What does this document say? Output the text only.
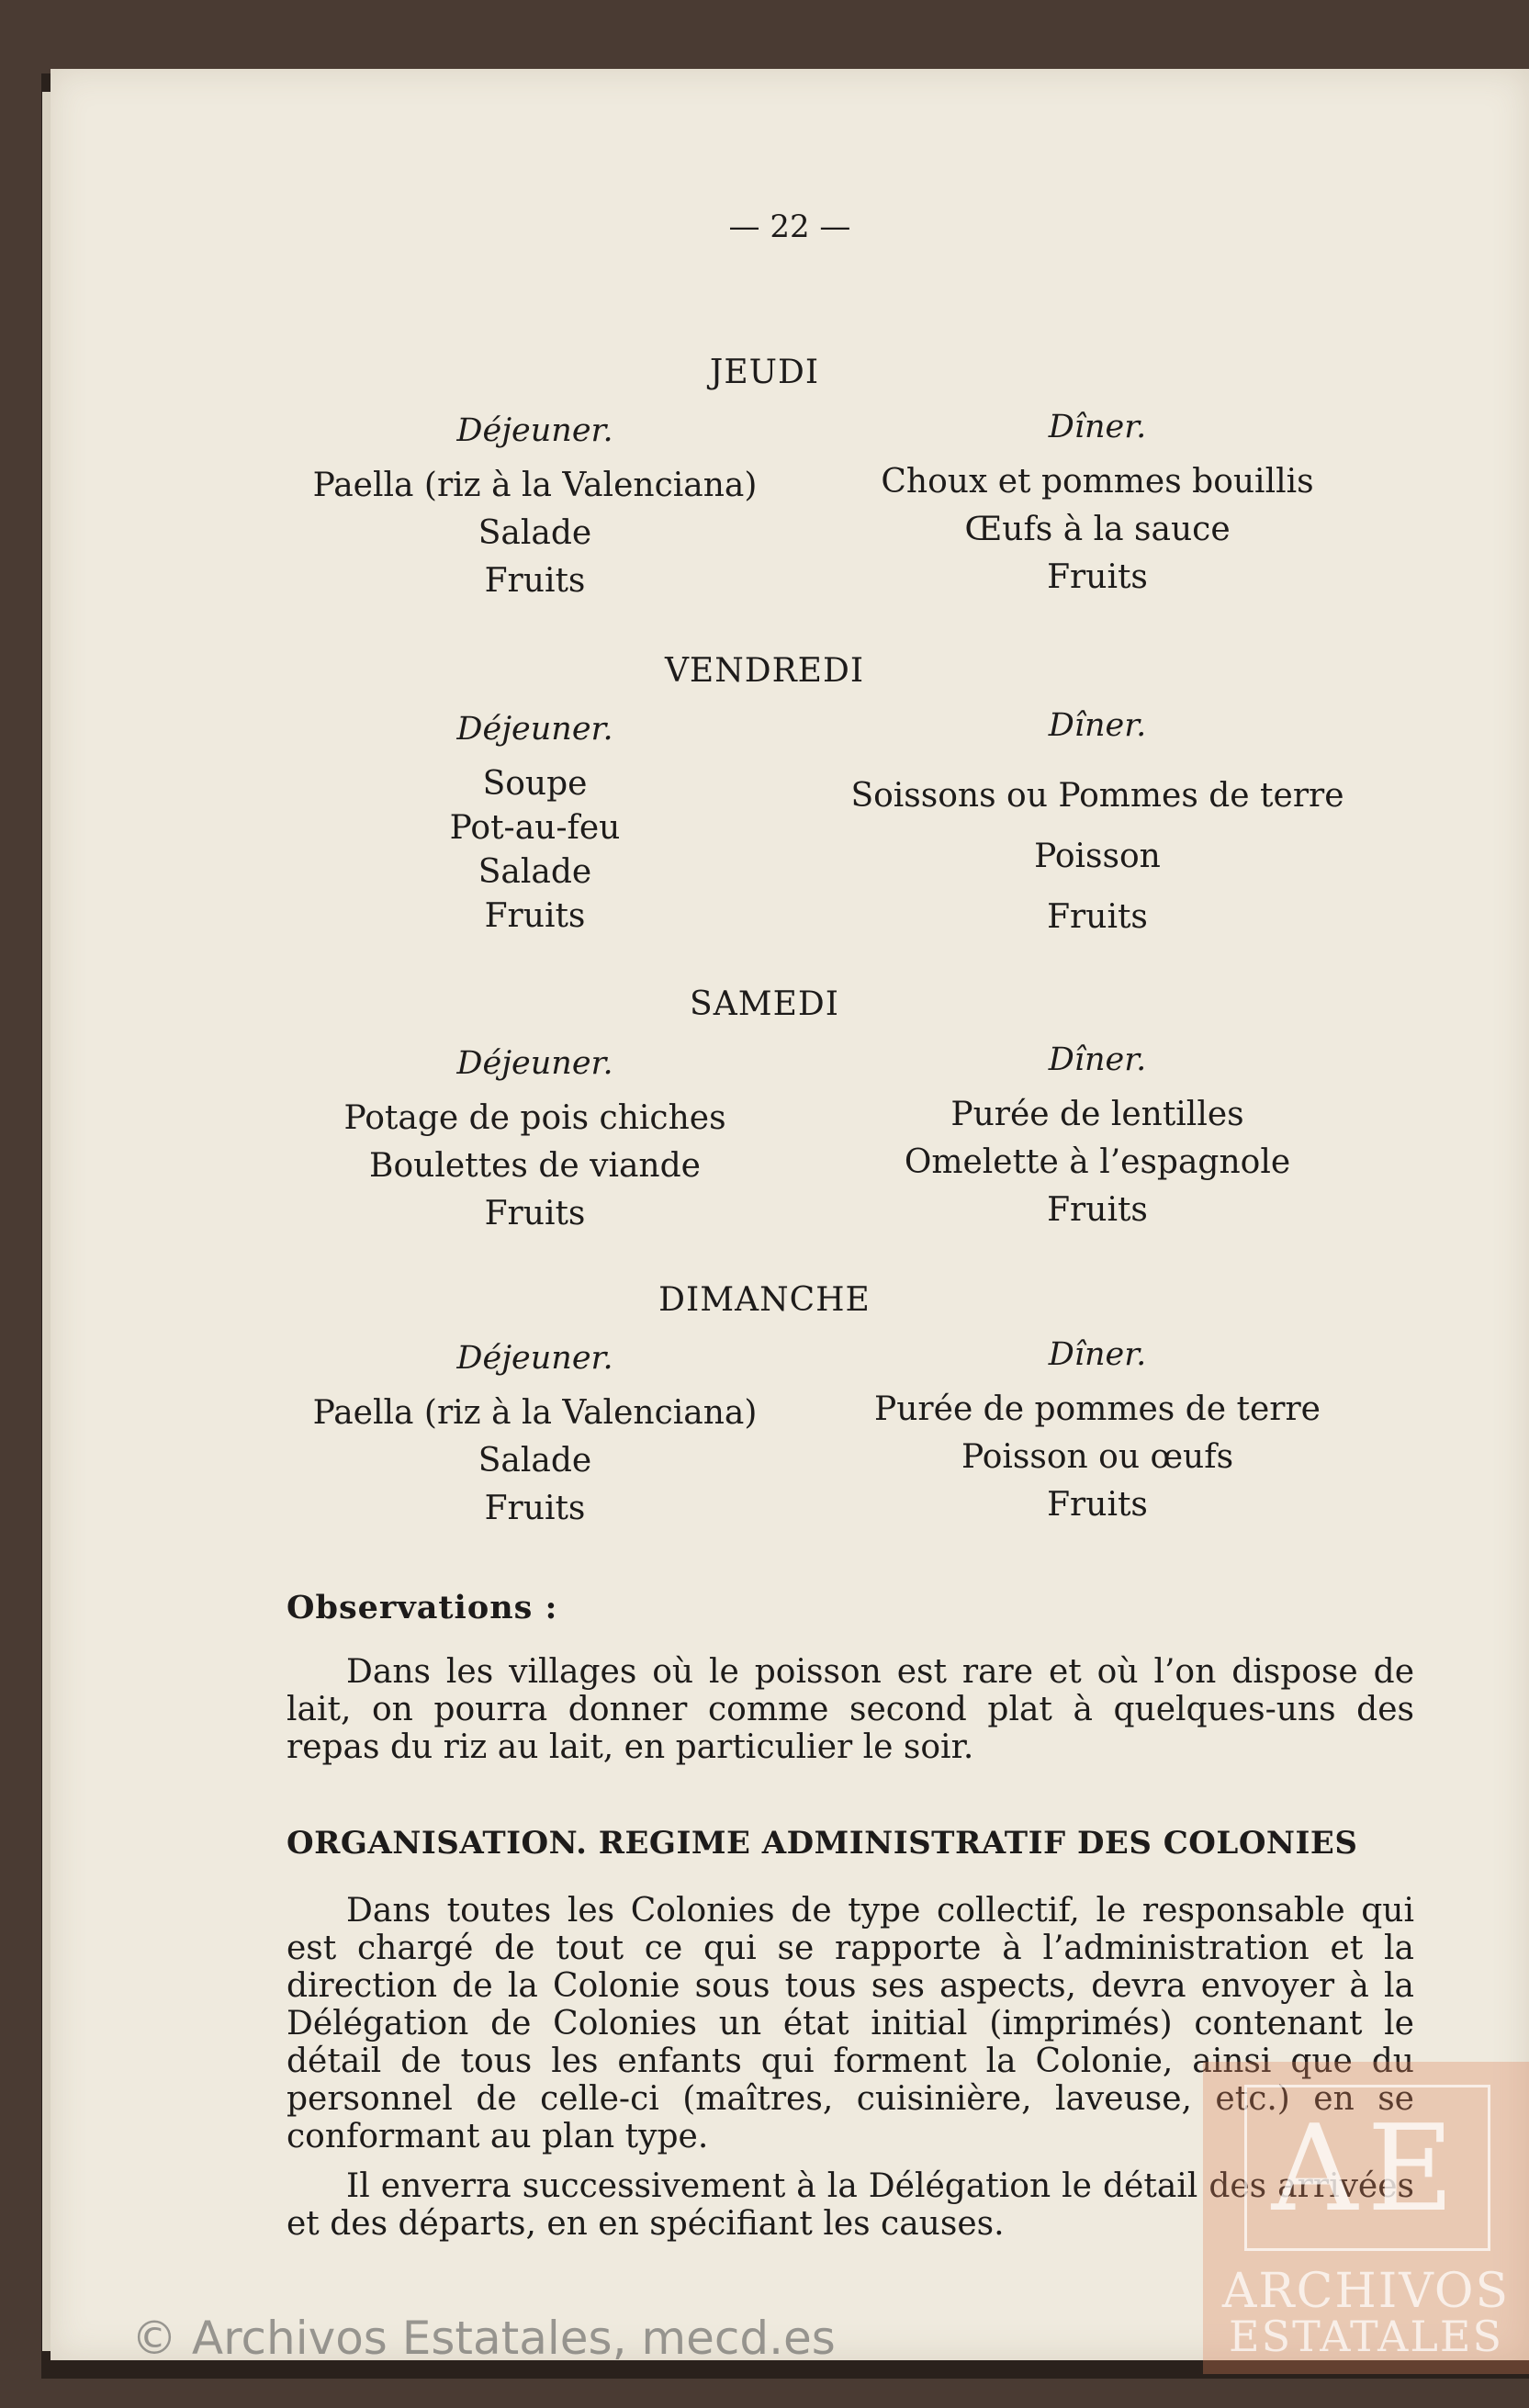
— 22 —
JEUDI
Déjeuner.
Paella (riz à la Valenciana)
Salade
Fruits
Dîner.
Choux et pommes bouillis
Œufs à la sauce
Fruits
VENDREDI
Déjeuner.
Soupe
Pot-au-feu
Salade
Fruits
Dîner.
Soissons ou Pommes de terre
Poisson
Fruits
SAMEDI
Déjeuner.
Potage de pois chiches
Boulettes de viande
Fruits
Dîner.
Purée de lentilles
Omelette à l’espagnole
Fruits
DIMANCHE
Déjeuner.
Paella (riz à la Valenciana)
Salade
Fruits
Dîner.
Purée de pommes de terre
Poisson ou œufs
Fruits
Observations :
Dans les villages où le poisson est rare et où l’on dispose de lait, on pourra donner comme second plat à quelques-uns des repas du riz au lait, en particulier le soir.
ORGANISATION. REGIME ADMINISTRATIF DES COLONIES
Dans toutes les Colonies de type collectif, le responsable qui est chargé de tout ce qui se rapporte à l’administration et la direction de la Colonie sous tous ses aspects, devra envoyer à la Délégation de Colonies un état initial (imprimés) contenant le détail de tous les enfants qui forment la Colonie, ainsi que du personnel de celle-ci (maîtres, cuisinière, laveuse, etc.) en se conformant au plan type.
Il enverra successivement à la Délégation le détail des arrivées et des départs, en en spécifiant les causes.	AE
ARCHIVOS
ESTATALES
© Archivos Estatales, mecd.es
